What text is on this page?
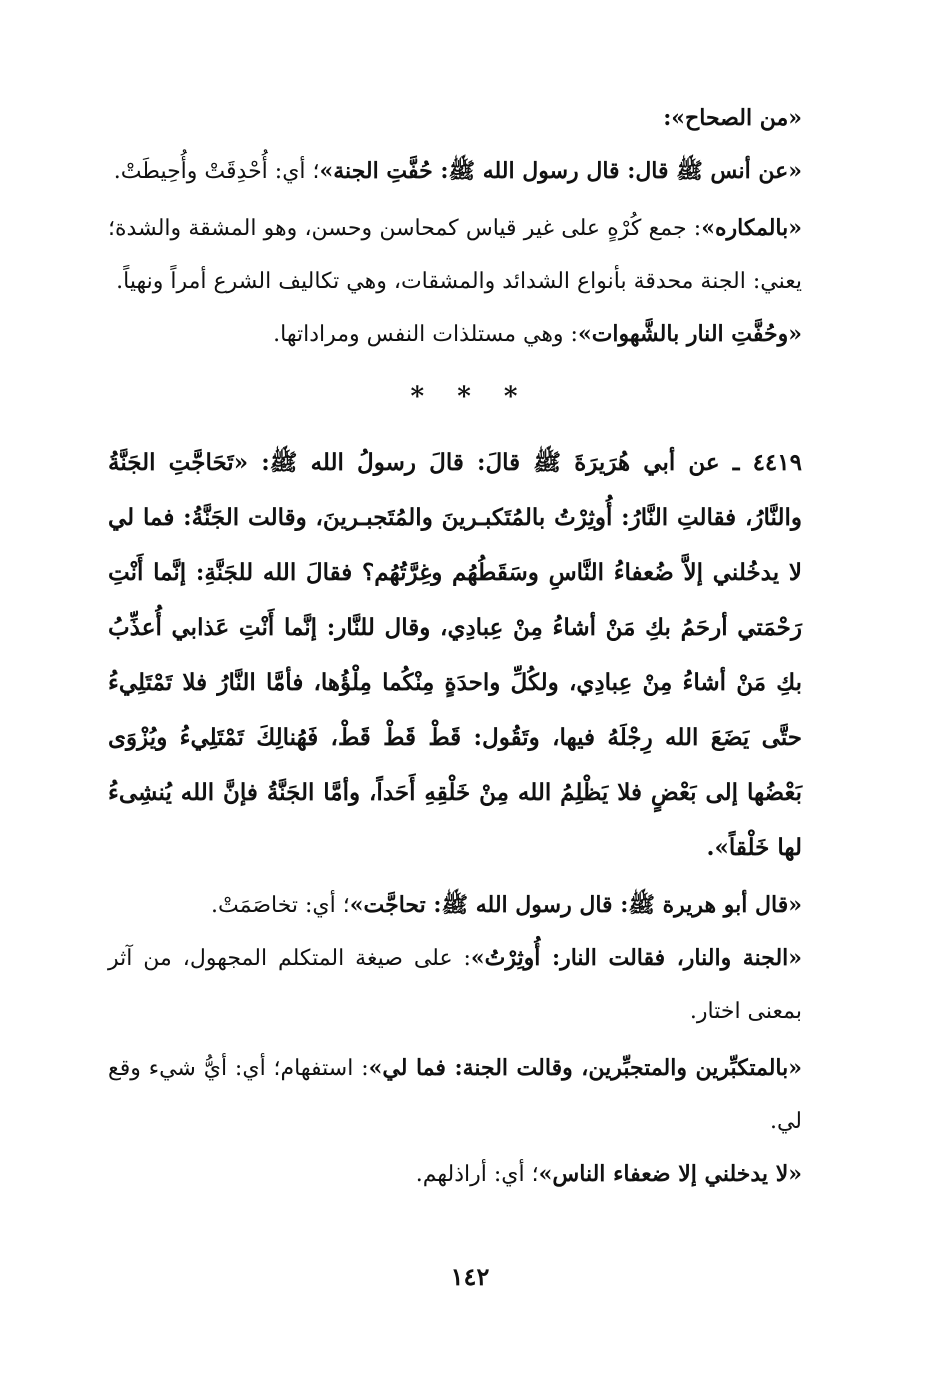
«من الصحاح»:

«عن أنس ﷺ قال: قال رسول الله ﷺ: حُفَّتِ الجنة»؛ أي: أُحْدِقَتْ وأُحِيطَتْ.

«بالمكاره»: جمع كُرْهٍ على غير قياس كمحاسن وحسن، وهو المشقة والشدة؛ يعني: الجنة محدقة بأنواع الشدائد والمشقات، وهي تكاليف الشرع أمراً ونهياً.

«وحُفَّتِ النار بالشَّهوات»: وهي مستلذات النفس ومراداتها.

* * *

٤٤١٩ ـ عن أبي هُرَيرَةَ ﷺ قالَ: قالَ رسولُ الله ﷺ: «تَحَاجَّتِ الجَنَّةُ والنَّارُ، فقالتِ النَّارُ: أُوثِرْتُ بالمُتَكبـرينَ والمُتَجبـرينَ، وقالت الجَنَّةُ: فما لي لا يدخُلني إلاَّ ضُعفاءُ النَّاسِ وسَقَطُهُم وغِرَّتُهُم؟ فقالَ الله للجَنَّةِ: إنَّما أَنْتِ رَحْمَتي أرحَمُ بكِ مَنْ أشاءُ مِنْ عِبادِي، وقال للنَّار: إنَّما أَنْتِ عَذابي أُعذِّبُ بكِ مَنْ أشاءُ مِنْ عِبادِي، ولكُلِّ واحدَةٍ مِنْكُما مِلْؤُها، فأمَّا النَّارُ فلا تَمْتَلِيءُ حتَّى يَضَعَ الله رِجْلَهُ فيها، وتَقُول: قَطْ قَطْ قَطْ، فَهُنالِكَ تَمْتَلِيءُ ويُزْوَى بَعْضُها إلى بَعْضٍ فلا يَظْلِمُ الله مِنْ خَلْقِهِ أَحَداً، وأمَّا الجَنَّةُ فإنَّ الله يُنشِىءُ لها خَلْقاً».

«قال أبو هريرة ﷺ: قال رسول الله ﷺ: تحاجَّت»؛ أي: تخاصَمَتْ.

«الجنة والنار، فقالت النار: أُوثِرْتُ»: على صيغة المتكلم المجهول، من آثر بمعنى اختار.

«بالمتكبِّرين والمتجبِّرين، وقالت الجنة: فما لي»: استفهام؛ أي: أيُّ شيء وقع لي.

«لا يدخلني إلا ضعفاء الناس»؛ أي: أراذلهم.

١٤٢
